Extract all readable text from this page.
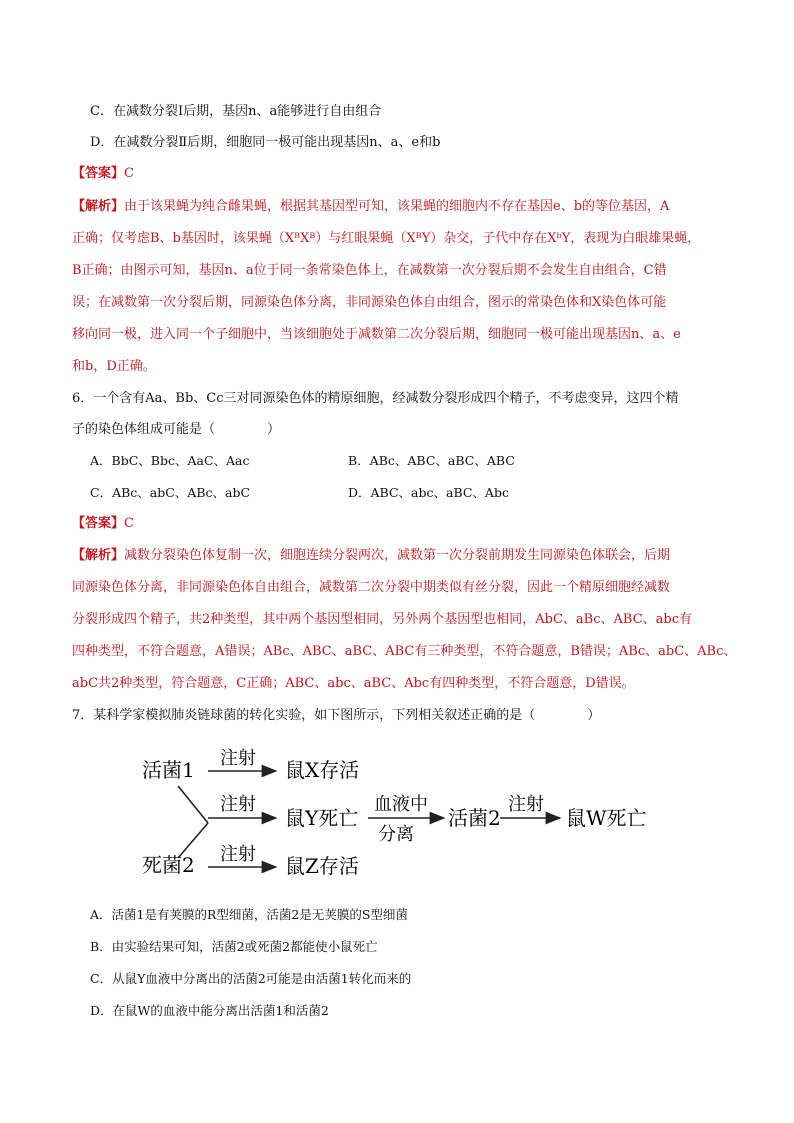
C．在减数分裂Ⅰ后期，基因n、a能够进行自由组合
D．在减数分裂Ⅱ后期，细胞同一极可能出现基因n、a、e和b
【答案】C
【解析】由于该果蝇为纯合雌果蝇，根据其基因型可知，该果蝇的细胞内不存在基因e、b的等位基因，A
正确；仅考虑B、b基因时，该果蝇（XᴮXᴮ）与红眼果蝇（XᴮY）杂交，子代中存在XᵇY，表现为白眼雄果蝇，
B正确；由图示可知，基因n、a位于同一条常染色体上，在减数第一次分裂后期不会发生自由组合，C错
误；在减数第一次分裂后期，同源染色体分离，非同源染色体自由组合，图示的常染色体和X染色体可能
移向同一极，进入同一个子细胞中，当该细胞处于减数第二次分裂后期，细胞同一极可能出现基因n、a、e
和b，D正确。
6．一个含有Aa、Bb、Cc三对同源染色体的精原细胞，经减数分裂形成四个精子，不考虑变异，这四个精
子的染色体组成可能是（　　　　）
A．BbC、Bbc、AaC、Aac	B．ABc、ABC、aBC、ABC
C．ABc、abC、ABc、abC	D．ABC、abc、aBC、Abc
【答案】C
【解析】减数分裂染色体复制一次，细胞连续分裂两次，减数第一次分裂前期发生同源染色体联会，后期
同源染色体分离，非同源染色体自由组合，减数第二次分裂中期类似有丝分裂，因此一个精原细胞经减数
分裂形成四个精子，共2种类型，其中两个基因型相同，另外两个基因型也相同，AbC、aBc、ABC、abc有
四种类型，不符合题意，A错误；ABc、ABC、aBC、ABC有三种类型，不符合题意，B错误；ABc、abC、ABc、
abC共2种类型，符合题意，C正确；ABC、abc、aBC、Abc有四种类型，不符合题意，D错误。
7．某科学家模拟肺炎链球菌的转化实验，如下图所示，下列相关叙述正确的是（　　　　）
活菌1
死菌2
注射 鼠X存活
注射
鼠Y死亡
血液中
分离
活菌2
注射
鼠W死亡
注射 鼠Z存活
A．活菌1是有荚膜的R型细菌，活菌2是无荚膜的S型细菌
B．由实验结果可知，活菌2或死菌2都能使小鼠死亡
C．从鼠Y血液中分离出的活菌2可能是由活菌1转化而来的
D．在鼠W的血液中能分离出活菌1和活菌2
